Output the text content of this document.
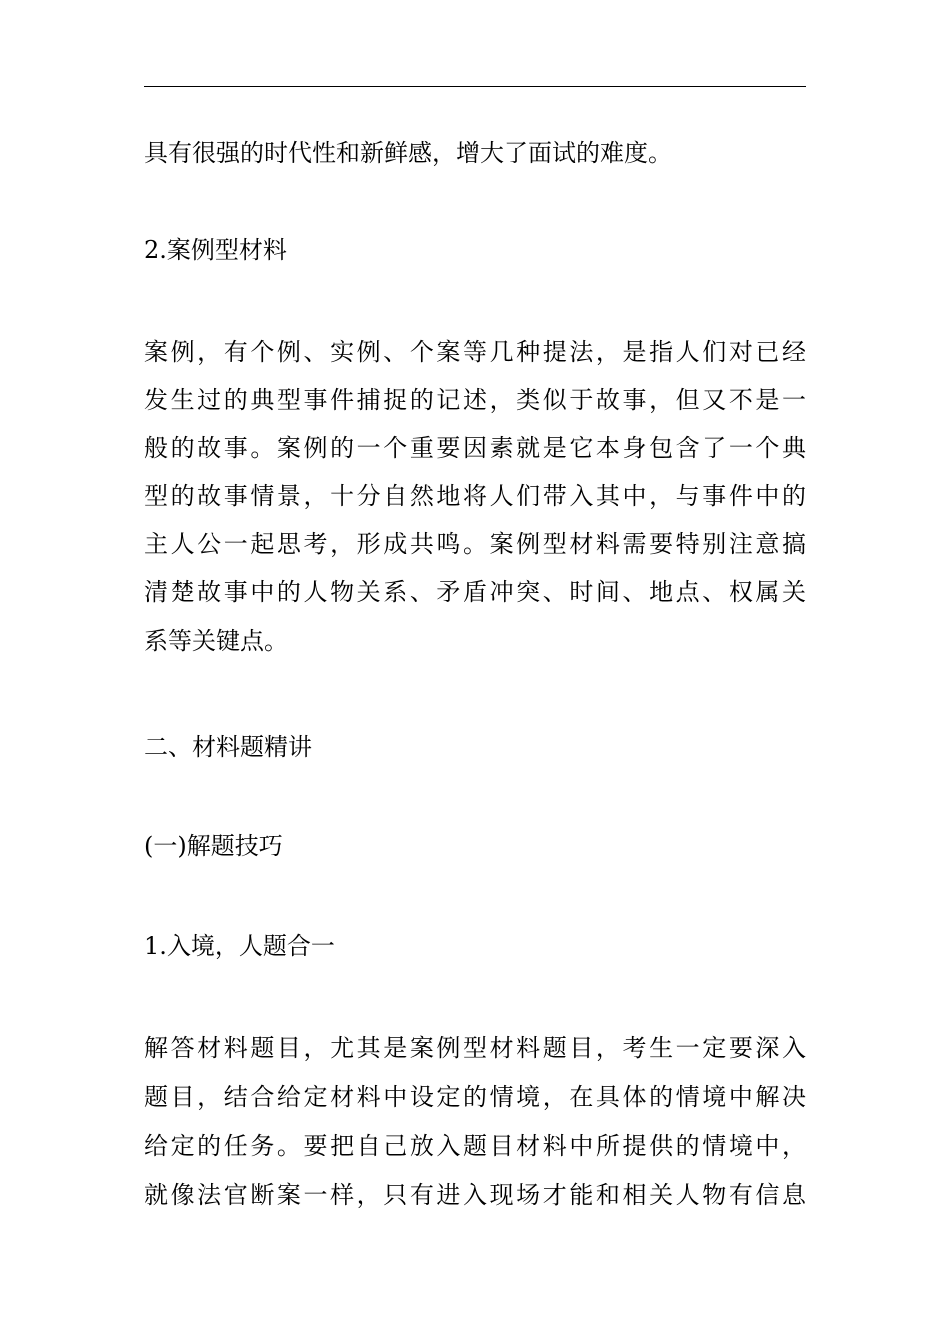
具有很强的时代性和新鲜感，增大了面试的难度。
2.案例型材料
案例，有个例、实例、个案等几种提法，是指人们对已经
发生过的典型事件捕捉的记述，类似于故事，但又不是一
般的故事。案例的一个重要因素就是它本身包含了一个典
型的故事情景，十分自然地将人们带入其中，与事件中的
主人公一起思考，形成共鸣。案例型材料需要特别注意搞
清楚故事中的人物关系、矛盾冲突、时间、地点、权属关
系等关键点。
二、材料题精讲
(一)解题技巧
1.入境，人题合一
解答材料题目，尤其是案例型材料题目，考生一定要深入
题目，结合给定材料中设定的情境，在具体的情境中解决
给定的任务。要把自己放入题目材料中所提供的情境中，
就像法官断案一样，只有进入现场才能和相关人物有信息
